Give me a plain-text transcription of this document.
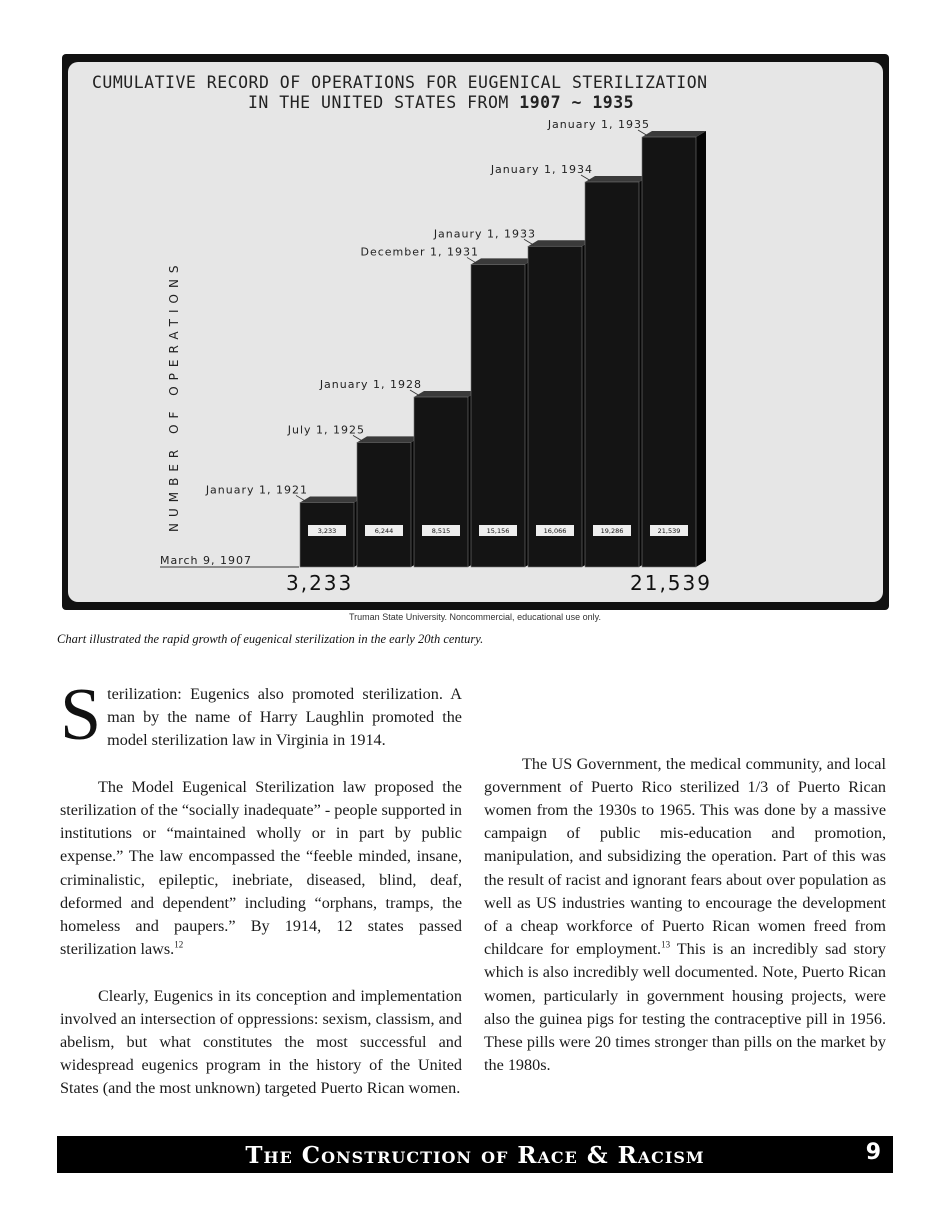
CUMULATIVE RECORD OF OPERATIONS FOR EUGENICAL STERILIZATION
IN THE UNITED STATES FROM 1907 ~ 1935
NUMBER OF OPERATIONS
March 9, 1907
3,233
January 1, 1921
6,244
July 1, 1925
8,515
January 1, 1928
15,156
December 1, 1931
16,066
Janaury 1, 1933
19,286
January 1, 1934
21,539
January 1, 1935
3,233	21,539
Truman State University. Noncommercial, educational use only.
Chart illustrated the rapid growth of eugenical sterilization in the early 20th century.

Sterilization: Eugenics also promoted sterilization. A man by the name of Harry Laughlin promoted the model sterilization law in Virginia in 1914.

The Model Eugenical Sterilization law proposed the sterilization of the “socially inadequate” - people supported in institutions or “maintained wholly or in part by public expense.” The law encompassed the “feeble minded, insane, criminalistic, epileptic, inebriate, diseased, blind, deaf, deformed and dependent” including “orphans, tramps, the homeless and paupers.” By 1914, 12 states passed sterilization laws.$^{12}$

Clearly, Eugenics in its conception and implementation involved an intersection of oppressions: sexism, classism, and abelism, but what constitutes the most successful and widespread eugenics program in the history of the United States (and the most unknown) targeted Puerto Rican women.

The US Government, the medical community, and local government of Puerto Rico sterilized 1/3 of Puerto Rican women from the 1930s to 1965. This was done by a massive campaign of public mis-education and promotion, manipulation, and subsidizing the operation. Part of this was the result of racist and ignorant fears about over population as well as US industries wanting to encourage the development of a cheap workforce of Puerto Rican women freed from childcare for employment.$^{13}$ This is an incredibly sad story which is also incredibly well documented. Note, Puerto Rican women, particularly in government housing projects, were also the guinea pigs for testing the contraceptive pill in 1956. These pills were 20 times stronger than pills on the market by the 1980s.

The Construction of Race & Racism	9
